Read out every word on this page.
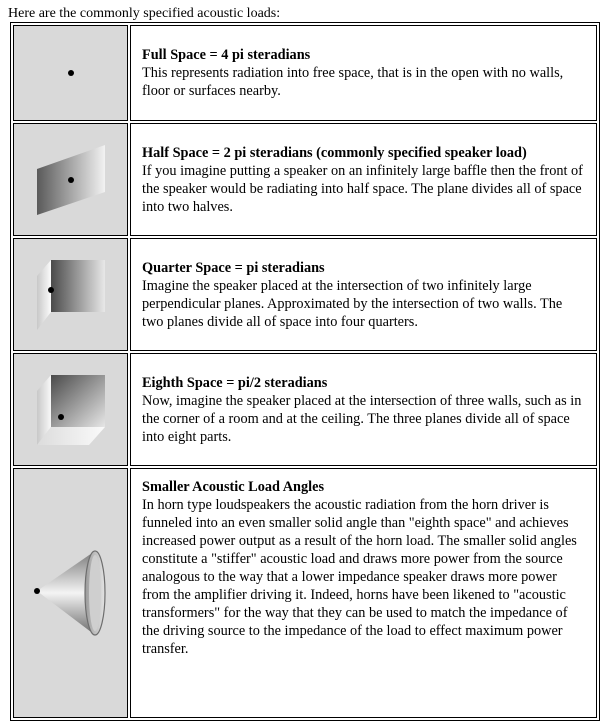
Here are the commonly specified acoustic loads:

Full Space = 4 pi steradians
This represents radiation into free space, that is in the open with no walls, floor or surfaces nearby.

Half Space = 2 pi steradians (commonly specified speaker load)
If you imagine putting a speaker on an infinitely large baffle then the front of the speaker would be radiating into half space. The plane divides all of space into two halves.

Quarter Space = pi steradians
Imagine the speaker placed at the intersection of two infinitely large perpendicular planes. Approximated by the intersection of two walls. The two planes divide all of space into four quarters.

Eighth Space = pi/2 steradians
Now, imagine the speaker placed at the intersection of three walls, such as in the corner of a room and at the ceiling. The three planes divide all of space into eight parts.

Smaller Acoustic Load Angles
In horn type loudspeakers the acoustic radiation from the horn driver is funneled into an even smaller solid angle than "eighth space" and achieves increased power output as a result of the horn load. The smaller solid angles constitute a "stiffer" acoustic load and draws more power from the source analogous to the way that a lower impedance speaker draws more power from the amplifier driving it. Indeed, horns have been likened to "acoustic transformers" for the way that they can be used to match the impedance of the driving source to the impedance of the load to effect maximum power transfer.
